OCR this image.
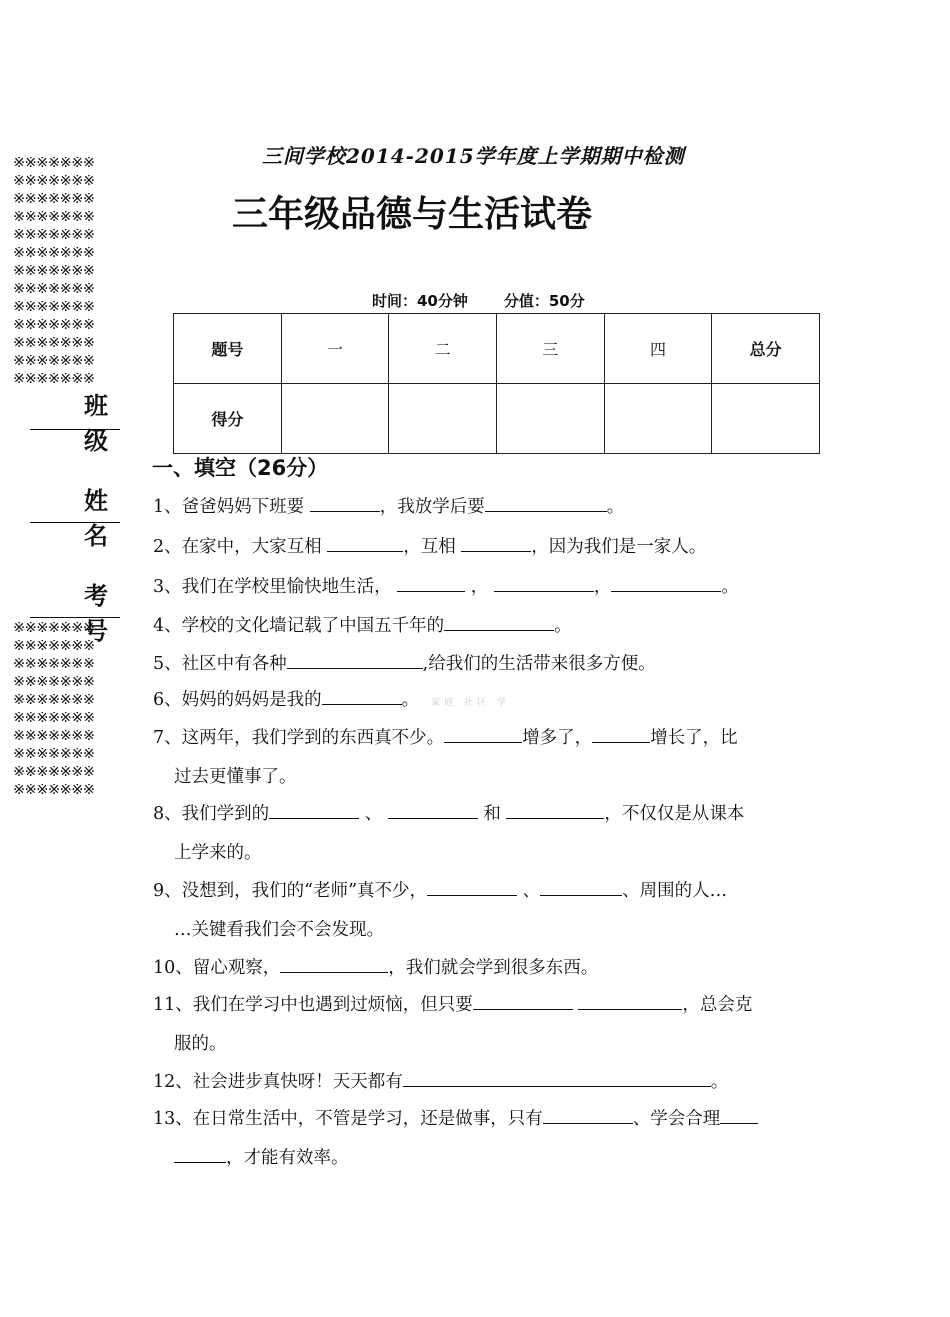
※※※※※※※
※※※※※※※
※※※※※※※
※※※※※※※
※※※※※※※
※※※※※※※
※※※※※※※
※※※※※※※
※※※※※※※
※※※※※※※
※※※※※※※
※※※※※※※
※※※※※※※
班 级
姓 名
考 号
※※※※※※※
※※※※※※※
※※※※※※※
※※※※※※※
※※※※※※※
※※※※※※※
※※※※※※※
※※※※※※※
※※※※※※※
※※※※※※※
三间学校2014-2015学年度上学期期中检测
三年级品德与生活试卷
时间：40分钟 分值：50分
题号	一	二	三	四	总分
得分					
一、填空（26分）
1、爸爸妈妈下班要	，我放学后要	。
2、在家中，大家互相	，互相	，因为我们是一家人。
3、我们在学校里愉快地生活，	，	，	。
4、学校的文化墙记载了中国五千年的	。
5、社区中有各种	,给我们的生活带来很多方便。
6、妈妈的妈妈是我的	。 家庭 社区 学
7、这两年，我们学到的东西真不少。	增多了，	增长了，比
过去更懂事了。
8、我们学到的	、	和	，不仅仅是从课本
上学来的。
9、没想到，我们的“老师”真不少，	、	、周围的人…
…关键看我们会不会发现。
10、留心观察，	，我们就会学到很多东西。
11、我们在学习中也遇到过烦恼，但只要	，总会克
服的。
12、社会进步真快呀！天天都有	。
13、在日常生活中，不管是学习，还是做事，只有	、学会合理
，才能有效率。
